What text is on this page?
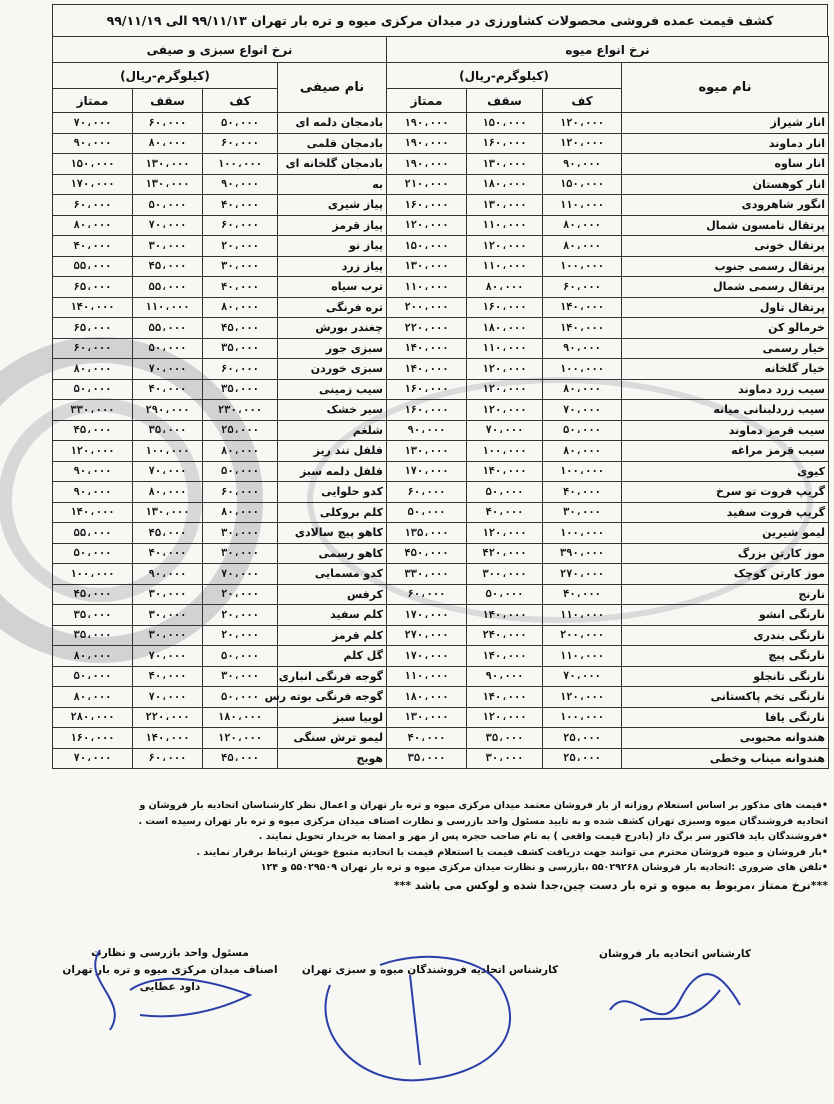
کشف قیمت عمده فروشی محصولات کشاورزی در میدان مرکزی میوه و تره بار تهران ۹۹/۱۱/۱۳ الی ۹۹/۱۱/۱۹
نرخ انواع سبزی و صیفی				نرخ انواع میوه			
(کیلوگرم-ریال)			نام صیفی	(کیلوگرم-ریال)			نام میوه
ممتاز	سقف	کف		ممتاز	سقف	کف	
۷۰،۰۰۰	۶۰،۰۰۰	۵۰،۰۰۰	بادمجان دلمه ای	۱۹۰،۰۰۰	۱۵۰،۰۰۰	۱۲۰،۰۰۰	انار شیراز
۹۰،۰۰۰	۸۰،۰۰۰	۶۰،۰۰۰	بادمجان قلمی	۱۹۰،۰۰۰	۱۶۰،۰۰۰	۱۲۰،۰۰۰	انار دماوند
۱۵۰،۰۰۰	۱۳۰،۰۰۰	۱۰۰،۰۰۰	بادمجان گلخانه ای	۱۹۰،۰۰۰	۱۳۰،۰۰۰	۹۰،۰۰۰	انار ساوه
۱۷۰،۰۰۰	۱۳۰،۰۰۰	۹۰،۰۰۰	به	۲۱۰،۰۰۰	۱۸۰،۰۰۰	۱۵۰،۰۰۰	انار کوهستان
۶۰،۰۰۰	۵۰،۰۰۰	۴۰،۰۰۰	پیاز شیری	۱۶۰،۰۰۰	۱۳۰،۰۰۰	۱۱۰،۰۰۰	انگور شاهرودی
۸۰،۰۰۰	۷۰،۰۰۰	۶۰،۰۰۰	پیاز قرمز	۱۲۰،۰۰۰	۱۱۰،۰۰۰	۸۰،۰۰۰	پرتقال تامسون شمال
۴۰،۰۰۰	۳۰،۰۰۰	۲۰،۰۰۰	پیاز نو	۱۵۰،۰۰۰	۱۲۰،۰۰۰	۸۰،۰۰۰	پرتقال خونی
۵۵،۰۰۰	۴۵،۰۰۰	۳۰،۰۰۰	پیاز زرد	۱۳۰،۰۰۰	۱۱۰،۰۰۰	۱۰۰،۰۰۰	پرتقال رسمی جنوب
۶۵،۰۰۰	۵۵،۰۰۰	۴۰،۰۰۰	ترب سیاه	۱۱۰،۰۰۰	۸۰،۰۰۰	۶۰،۰۰۰	پرتقال رسمی شمال
۱۴۰،۰۰۰	۱۱۰،۰۰۰	۸۰،۰۰۰	تره فرنگی	۲۰۰،۰۰۰	۱۶۰،۰۰۰	۱۴۰،۰۰۰	پرتقال تاول
۶۵،۰۰۰	۵۵،۰۰۰	۴۵،۰۰۰	چغندر بورش	۲۲۰،۰۰۰	۱۸۰،۰۰۰	۱۴۰،۰۰۰	خرمالو کن
۶۰،۰۰۰	۵۰،۰۰۰	۳۵،۰۰۰	سبزی جور	۱۴۰،۰۰۰	۱۱۰،۰۰۰	۹۰،۰۰۰	خیار رسمی
۸۰،۰۰۰	۷۰،۰۰۰	۶۰،۰۰۰	سبزی خوردن	۱۴۰،۰۰۰	۱۲۰،۰۰۰	۱۰۰،۰۰۰	خیار گلخانه
۵۰،۰۰۰	۴۰،۰۰۰	۳۵،۰۰۰	سیب زمینی	۱۶۰،۰۰۰	۱۲۰،۰۰۰	۸۰،۰۰۰	سیب زرد دماوند
۳۳۰،۰۰۰	۲۹۰،۰۰۰	۲۳۰،۰۰۰	سیر خشک	۱۶۰،۰۰۰	۱۲۰،۰۰۰	۷۰،۰۰۰	سیب زردلبنانی میانه
۴۵،۰۰۰	۳۵،۰۰۰	۲۵،۰۰۰	شلغم	۹۰،۰۰۰	۷۰،۰۰۰	۵۰،۰۰۰	سیب قرمز دماوند
۱۲۰،۰۰۰	۱۰۰،۰۰۰	۸۰،۰۰۰	فلفل تند ریز	۱۳۰،۰۰۰	۱۰۰،۰۰۰	۸۰،۰۰۰	سیب قرمز مراغه
۹۰،۰۰۰	۷۰،۰۰۰	۵۰،۰۰۰	فلفل دلمه سبز	۱۷۰،۰۰۰	۱۴۰،۰۰۰	۱۰۰،۰۰۰	کیوی
۹۰،۰۰۰	۸۰،۰۰۰	۶۰،۰۰۰	کدو حلوایی	۶۰،۰۰۰	۵۰،۰۰۰	۴۰،۰۰۰	گریپ فروت تو سرخ
۱۴۰،۰۰۰	۱۳۰،۰۰۰	۸۰،۰۰۰	کلم بروکلی	۵۰،۰۰۰	۴۰،۰۰۰	۳۰،۰۰۰	گریپ فروت سفید
۵۵،۰۰۰	۴۵،۰۰۰	۳۰،۰۰۰	کاهو پیچ سالادی	۱۳۵،۰۰۰	۱۲۰،۰۰۰	۱۰۰،۰۰۰	لیمو شیرین
۵۰،۰۰۰	۴۰،۰۰۰	۳۰،۰۰۰	کاهو رسمی	۴۵۰،۰۰۰	۴۲۰،۰۰۰	۳۹۰،۰۰۰	موز کارتن بزرگ
۱۰۰،۰۰۰	۹۰،۰۰۰	۷۰،۰۰۰	کدو مسمایی	۳۳۰،۰۰۰	۳۰۰،۰۰۰	۲۷۰،۰۰۰	موز کارتن کوچک
۴۵،۰۰۰	۳۰،۰۰۰	۲۰،۰۰۰	کرفس	۶۰،۰۰۰	۵۰،۰۰۰	۴۰،۰۰۰	نارنج
۳۵،۰۰۰	۳۰،۰۰۰	۲۰،۰۰۰	کلم سفید	۱۷۰،۰۰۰	۱۴۰،۰۰۰	۱۱۰،۰۰۰	نارنگی انشو
۳۵،۰۰۰	۳۰،۰۰۰	۲۰،۰۰۰	کلم قرمز	۲۷۰،۰۰۰	۲۴۰،۰۰۰	۲۰۰،۰۰۰	نارنگی بندری
۸۰،۰۰۰	۷۰،۰۰۰	۵۰،۰۰۰	گل کلم	۱۷۰،۰۰۰	۱۴۰،۰۰۰	۱۱۰،۰۰۰	نارنگی پیچ
۵۰،۰۰۰	۴۰،۰۰۰	۳۰،۰۰۰	گوجه فرنگی انباری	۱۱۰،۰۰۰	۹۰،۰۰۰	۷۰،۰۰۰	نارنگی تانجلو
۸۰،۰۰۰	۷۰،۰۰۰	۵۰،۰۰۰	گوجه فرنگی بوته رس	۱۸۰،۰۰۰	۱۴۰،۰۰۰	۱۲۰،۰۰۰	نارنگی تخم پاکستانی
۲۸۰،۰۰۰	۲۲۰،۰۰۰	۱۸۰،۰۰۰	لوبیا سبز	۱۳۰،۰۰۰	۱۲۰،۰۰۰	۱۰۰،۰۰۰	نارنگی یافا
۱۶۰،۰۰۰	۱۴۰،۰۰۰	۱۲۰،۰۰۰	لیمو ترش سنگی	۴۰،۰۰۰	۳۵،۰۰۰	۲۵،۰۰۰	هندوانه محبوبی
۷۰،۰۰۰	۶۰،۰۰۰	۴۵،۰۰۰	هویج	۳۵،۰۰۰	۳۰،۰۰۰	۲۵،۰۰۰	هندوانه میناب وخطی

•قیمت های مذکور بر اساس استعلام روزانه از بار فروشان معتمد میدان مرکزی میوه و تره بار تهران و اعمال نظر کارشناسان اتحادیه بار فروشان و

اتحادیه فروشندگان میوه وسبزی تهران کشف شده و به تایید مسئول واحد بازرسی و نظارت اصناف میدان مرکزی میوه و تره بار تهران رسیده است .

•فروشندگان باید فاکتور سر برگ دار (بادرج قیمت واقعی ) به نام صاحب حجره پس از مهر و امضا به خریدار تحویل نمایند .

•بار فروشان و میوه فروشان محترم می توانند جهت دریافت کشف قیمت یا استعلام قیمت با اتحادیه متبوع خویش ارتباط برقرار نمایند .

•تلفن های ضروری :اتحادیه بار فروشان ۵۵۰۲۹۲۶۸ ،بازرسی و نظارت میدان مرکزی میوه و تره بار تهران ۵۵۰۲۹۵۰۹ و ۱۲۴

***نرخ ممتاز ،مربوط به میوه و تره بار دست چین،جدا شده و لوکس می باشد ***

کارشناس اتحادیه بار فروشان

کارشناس اتحادیه فروشندگان میوه و سبزی تهران

مسئول واحد بازرسی و نظارت

اصناف میدان مرکزی میوه و تره بار تهران

داود عطایی
